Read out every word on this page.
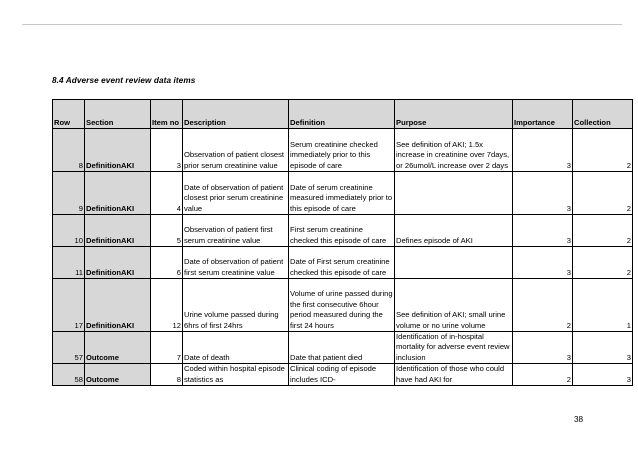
8.4 Adverse event review data items
Row	Section	Item no	Description	Definition	Purpose	Importance	Collection
8	DefinitionAKI	3	Observation of patient closest prior serum creatinine value	Serum creatinine checked immediately prior to this episode of care	See definition of AKI; 1.5x increase in creatinine over 7days, or 26umol/L increase over 2 days	3	2
9	DefinitionAKI	4	Date of observation of patient closest prior serum creatinine value	Date of serum creatinine measured immediately prior to this episode of care		3	2
10	DefinitionAKI	5	Observation of patient first serum creatinine value	First serum creatinine checked this episode of care	Defines episode of AKI	3	2
11	DefinitionAKI	6	Date of observation of patient first serum creatinine value	Date of First serum creatinine checked this episode of care		3	2
17	DefinitionAKI	12	Urine volume passed during 6hrs of first 24hrs	Volume of urine passed during the first consecutive 6hour period measured during the first 24 hours	See definition of AKI; small urine volume or no urine volume	2	1
57	Outcome	7	Date of death	Date that patient died	Identification of in-hospital mortality for adverse event review inclusion	3	3
58	Outcome	8	Coded within hospital episode statistics as	Clinical coding of episode includes ICD-	Identification of those who could have had AKI for	2	3
38
